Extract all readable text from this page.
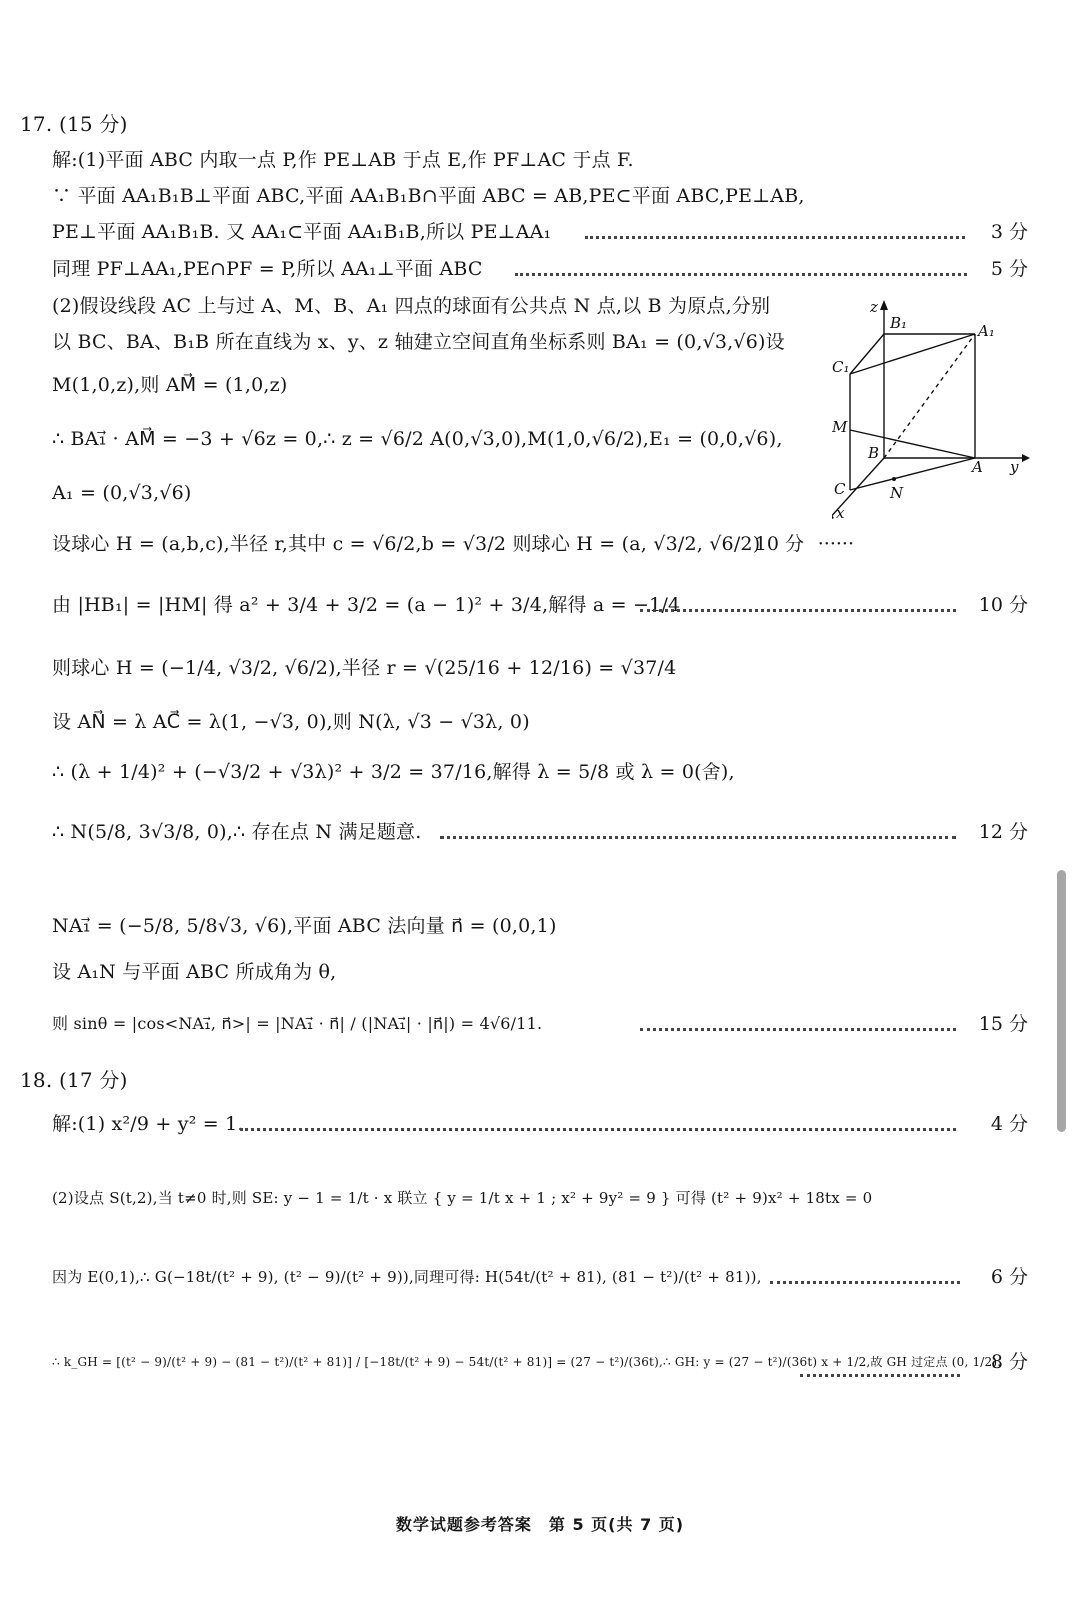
17. (15 分)
解:(1)平面 ABC 内取一点 P,作 PE⊥AB 于点 E,作 PF⊥AC 于点 F.
∵ 平面 AA₁B₁B⊥平面 ABC,平面 AA₁B₁B∩平面 ABC = AB,PE⊂平面 ABC,PE⊥AB,
PE⊥平面 AA₁B₁B. 又 AA₁⊂平面 AA₁B₁B,所以 PE⊥AA₁	3 分
同理 PF⊥AA₁,PE∩PF = P,所以 AA₁⊥平面 ABC	5 分
(2)假设线段 AC 上与过 A、M、B、A₁ 四点的球面有公共点 N 点,以 B 为原点,分别
以 BC、BA、B₁B 所在直线为 x、y、z 轴建立空间直角坐标系则 BA₁ = (0,√3,√6)设
M(1,0,z),则 AM⃗ = (1,0,z)
∴ BA₁⃗ · AM⃗ = −3 + √6z = 0,∴ z = √6/2 A(0,√3,0),M(1,0,√6/2),E₁ = (0,0,√6),
A₁ = (0,√3,√6)
设球心 H = (a,b,c),半径 r,其中 c = √6/2,b = √3/2 则球心 H = (a, √3/2, √6/2)	······
10 分
由 |HB₁| = |HM| 得 a² + 3/4 + 3/2 = (a − 1)² + 3/4,解得 a = −1/4	10 分
则球心 H = (−1/4, √3/2, √6/2),半径 r = √(25/16 + 12/16) = √37/4
设 AN⃗ = λ AC⃗ = λ(1, −√3, 0),则 N(λ, √3 − √3λ, 0)
∴ (λ + 1/4)² + (−√3/2 + √3λ)² + 3/2 = 37/16,解得 λ = 5/8 或 λ = 0(舍),
∴ N(5/8, 3√3/8, 0),∴ 存在点 N 满足题意.	12 分
NA₁⃗ = (−5/8, 5/8√3, √6),平面 ABC 法向量 n⃗ = (0,0,1)
设 A₁N 与平面 ABC 所成角为 θ,
则 sinθ = |cos<NA₁⃗, n⃗>| = |NA₁⃗ · n⃗| / (|NA₁⃗| · |n⃗|) = 4√6/11.	15 分
18. (17 分)
解:(1) x²/9 + y² = 1.	4 分
(2)设点 S(t,2),当 t≠0 时,则 SE: y − 1 = 1/t · x 联立 { y = 1/t x + 1 ; x² + 9y² = 9 } 可得 (t² + 9)x² + 18tx = 0
因为 E(0,1),∴ G(−18t/(t² + 9), (t² − 9)/(t² + 9)),同理可得: H(54t/(t² + 81), (81 − t²)/(t² + 81)),	6 分
∴ k_GH = [(t² − 9)/(t² + 9) − (81 − t²)/(t² + 81)] / [−18t/(t² + 9) − 54t/(t² + 81)] = (27 − t²)/(36t),∴ GH: y = (27 − t²)/(36t) x + 1/2,故 GH 过定点 (0, 1/2).
8 分
z
B₁	A₁
C₁
M
B
A y
C	N
x
数学试题参考答案　第 5 页(共 7 页)
